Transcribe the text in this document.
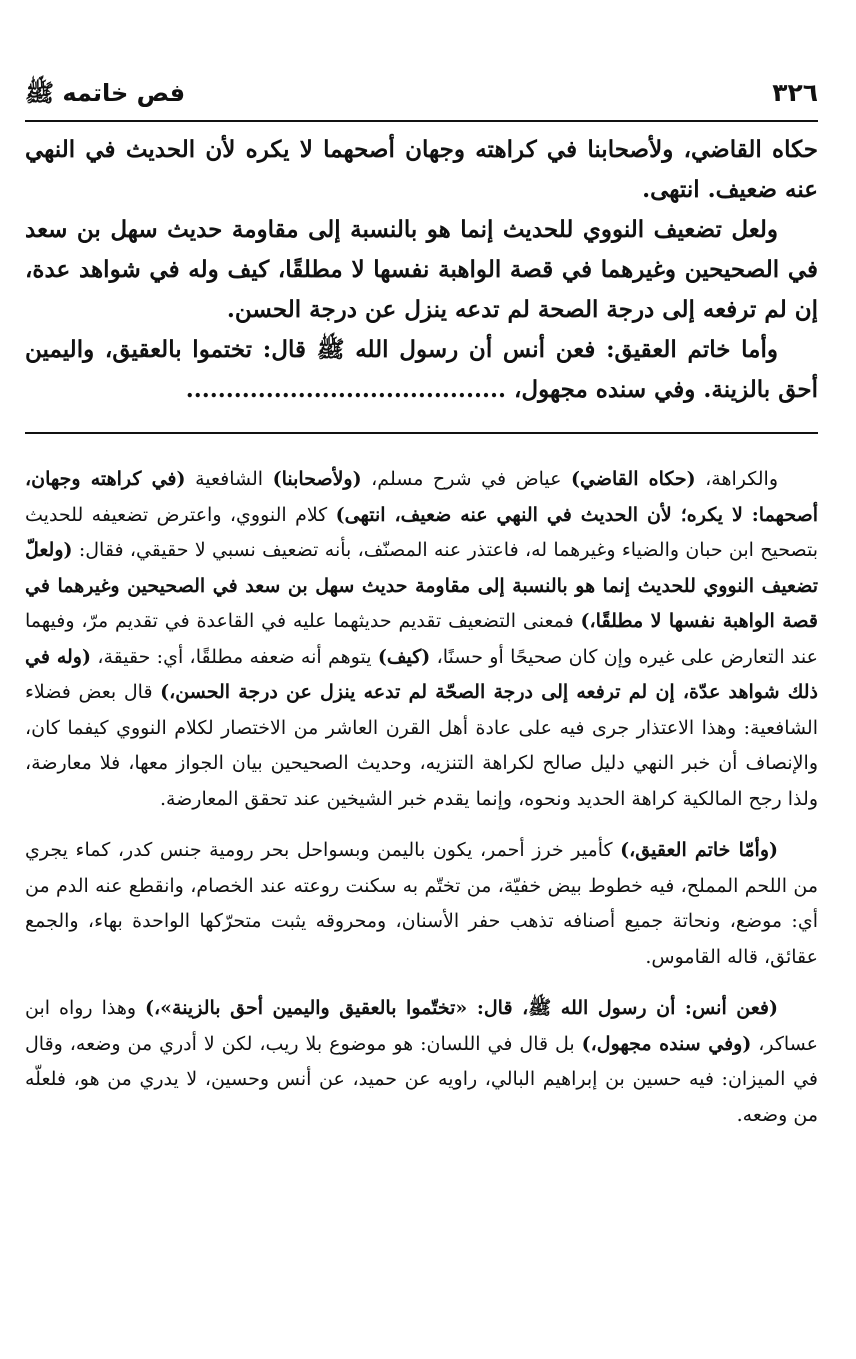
٣٢٦
فص خاتمه ﷺ

حكاه القاضي، ولأصحابنا في كراهته وجهان أصحهما لا يكره لأن الحديث في النهي عنه ضعيف. انتهى.

ولعل تضعيف النووي للحديث إنما هو بالنسبة إلى مقاومة حديث سهل بن سعد في الصحيحين وغيرهما في قصة الواهبة نفسها لا مطلقًا، كيف وله في شواهد عدة، إن لم ترفعه إلى درجة الصحة لم تدعه ينزل عن درجة الحسن.

وأما خاتم العقيق: فعن أنس أن رسول الله ﷺ قال: تختموا بالعقيق، واليمين أحق بالزينة. وفي سنده مجهول، ........................................

والكراهة، (حكاه القاضي) عياض في شرح مسلم، (ولأصحابنا) الشافعية (في كراهته وجهان، أصحهما: لا يكره؛ لأن الحديث في النهي عنه ضعيف، انتهى) كلام النووي، واعترض تضعيفه للحديث بتصحيح ابن حبان والضياء وغيرهما له، فاعتذر عنه المصنّف، بأنه تضعيف نسبي لا حقيقي، فقال: (ولعلّ تضعيف النووي للحديث إنما هو بالنسبة إلى مقاومة حديث سهل بن سعد في الصحيحين وغيرهما في قصة الواهبة نفسها لا مطلقًا،) فمعنى التضعيف تقديم حديثهما عليه في القاعدة في تقديم مرّ، وفيهما عند التعارض على غيره وإن كان صحيحًا أو حسنًا، (كيف) يتوهم أنه ضعفه مطلقًا، أي: حقيقة، (وله في ذلك شواهد عدّة، إن لم ترفعه إلى درجة الصحّة لم تدعه ينزل عن درجة الحسن،) قال بعض فضلاء الشافعية: وهذا الاعتذار جرى فيه على عادة أهل القرن العاشر من الاختصار لكلام النووي كيفما كان، والإنصاف أن خبر النهي دليل صالح لكراهة التنزيه، وحديث الصحيحين بيان الجواز معها، فلا معارضة، ولذا رجح المالكية كراهة الحديد ونحوه، وإنما يقدم خبر الشيخين عند تحقق المعارضة.

(وأمّا خاتم العقيق،) كأمير خرز أحمر، يكون باليمن وبسواحل بحر رومية جنس كدر، كماء يجري من اللحم المملح، فيه خطوط بيض خفيّة، من تختّم به سكنت روعته عند الخصام، وانقطع عنه الدم من أي: موضع، ونحاتة جميع أصنافه تذهب حفر الأسنان، ومحروقه يثبت متحرّكها الواحدة بهاء، والجمع عقائق، قاله القاموس.

(فعن أنس: أن رسول الله ﷺ، قال: «تختّموا بالعقيق واليمين أحق بالزينة»،) وهذا رواه ابن عساكر، (وفي سنده مجهول،) بل قال في اللسان: هو موضوع بلا ريب، لكن لا أدري من وضعه، وقال في الميزان: فيه حسين بن إبراهيم البالي، راويه عن حميد، عن أنس وحسين، لا يدري من هو، فلعلّه من وضعه.
